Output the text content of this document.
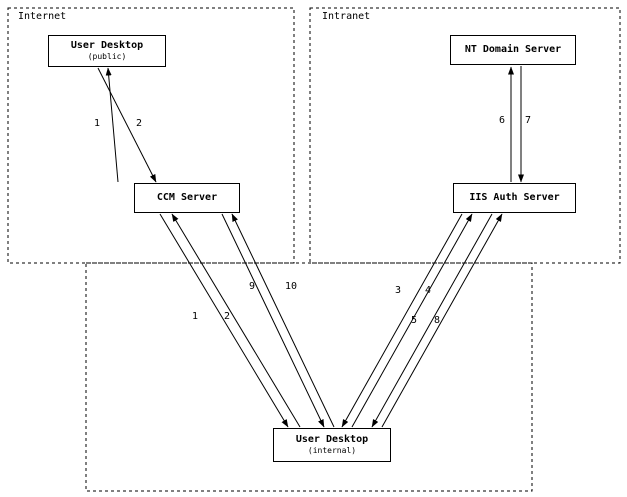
Internet	Intranet
User Desktop
(public)
CCM Server
NT Domain Server
IIS Auth Server
User Desktop
(internal)
1	2	6 7
9	10	3 4
1	2	5 8
